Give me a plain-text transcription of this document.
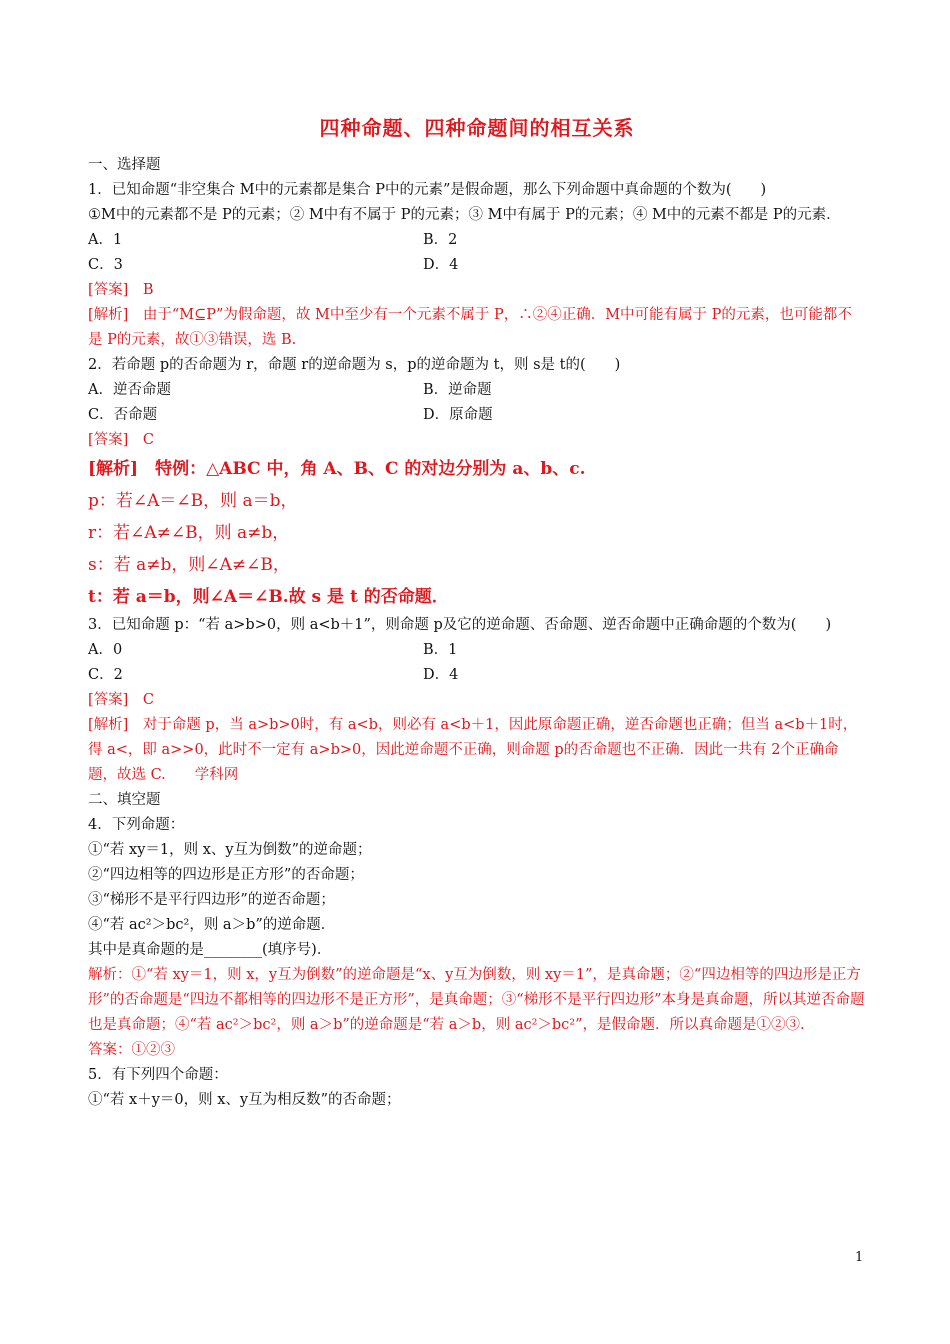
四种命题、四种命题间的相互关系

一、选择题

1．已知命题“非空集合 M中的元素都是集合 P中的元素”是假命题，那么下列命题中真命题的个数为(　　)

①M中的元素都不是 P的元素；② M中有不属于 P的元素；③ M中有属于 P的元素；④ M中的元素不都是 P的元素．

A．1	B．2
C．3	D．4

[答案]　B

[解析]　由于“M⊆P”为假命题，故 M中至少有一个元素不属于 P，∴②④正确．M中可能有属于 P的元素，也可能都不是 P的元素，故①③错误，选 B.

2．若命题 p的否命题为 r，命题 r的逆命题为 s，p的逆命题为 t，则 s是 t的(　　)

A．逆否命题	B．逆命题
C．否命题	D．原命题

[答案]　C

[解析]　特例：△ABC 中，角 A、B、C 的对边分别为 a、b、c.

p：若∠A＝∠B，则 a＝b，

r：若∠A≠∠B，则 a≠b，

s：若 a≠b，则∠A≠∠B，

t：若 a＝b，则∠A＝∠B.故 s 是 t 的否命题．

3．已知命题 p：“若 a>b>0，则 a<b＋1”，则命题 p及它的逆命题、否命题、逆否命题中正确命题的个数为(　　)

A．0	B．1
C．2	D．4

[答案]　C

[解析]　对于命题 p，当 a>b>0时，有 a<b，则必有 a<b＋1，因此原命题正确，逆否命题也正确；但当 a<b＋1时，得 a<，即 a>>0，此时不一定有 a>b>0，因此逆命题不正确，则命题 p的否命题也不正确．因此一共有 2个正确命题，故选 C.　　学科网

二、填空题

4．下列命题：

①“若 xy＝1，则 x、y互为倒数”的逆命题；

②“四边相等的四边形是正方形”的否命题；

③“梯形不是平行四边形”的逆否命题；

④“若 ac²＞bc²，则 a＞b”的逆命题．

其中是真命题的是________(填序号)．

解析：①“若 xy＝1，则 x，y互为倒数”的逆命题是“x、y互为倒数，则 xy＝1”，是真命题；②“四边相等的四边形是正方形”的否命题是“四边不都相等的四边形不是正方形”，是真命题；③“梯形不是平行四边形”本身是真命题，所以其逆否命题也是真命题；④“若 ac²＞bc²，则 a＞b”的逆命题是“若 a＞b，则 ac²＞bc²”，是假命题．所以真命题是①②③.

答案：①②③

5．有下列四个命题：

①“若 x＋y＝0，则 x、y互为相反数”的否命题；

1
